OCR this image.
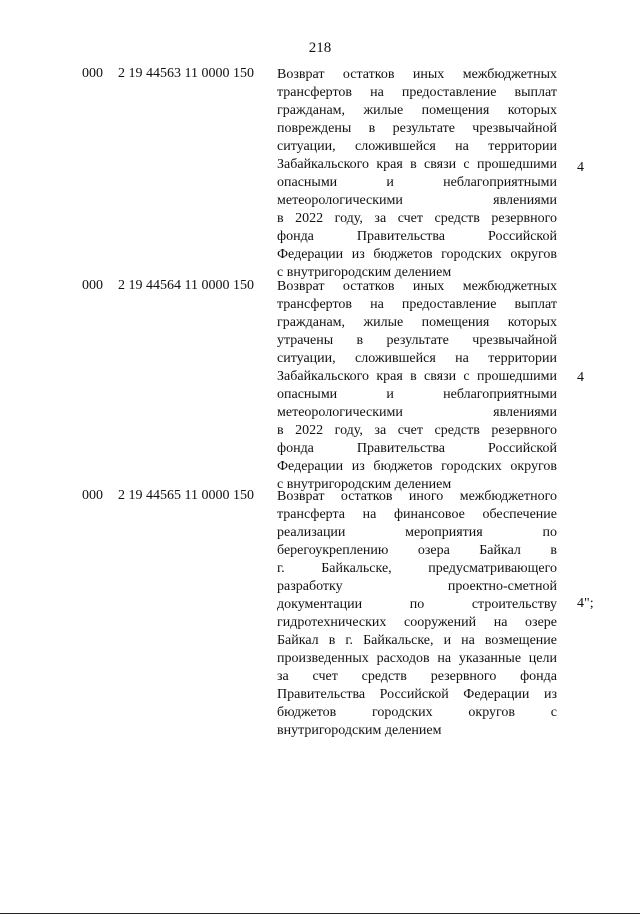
218
000 2 19 44563 11 0000 150 Возврат остатков иных межбюджетных
трансфертов на предоставление выплат
гражданам, жилые помещения которых
повреждены в результате чрезвычайной
ситуации, сложившейся на территории
Забайкальского края в связи с прошедшими
опасными и неблагоприятными
метеорологическими явлениями
в 2022 году, за счет средств резервного
фонда Правительства Российской
Федерации из бюджетов городских округов
с внутригородским делением
4
000 2 19 44564 11 0000 150 Возврат остатков иных межбюджетных
трансфертов на предоставление выплат
гражданам, жилые помещения которых
утрачены в результате чрезвычайной
ситуации, сложившейся на территории
Забайкальского края в связи с прошедшими
опасными и неблагоприятными
метеорологическими явлениями
в 2022 году, за счет средств резервного
фонда Правительства Российской
Федерации из бюджетов городских округов
с внутригородским делением
4
000 2 19 44565 11 0000 150 Возврат остатков иного межбюджетного
трансферта на финансовое обеспечение
реализации мероприятия по
берегоукреплению озера Байкал в
г. Байкальске, предусматривающего
разработку проектно-сметной
документации по строительству
гидротехнических сооружений на озере
Байкал в г. Байкальске, и на возмещение
произведенных расходов на указанные цели
за счет средств резервного фонда
Правительства Российской Федерации из
бюджетов городских округов с
внутригородским делением
4";
